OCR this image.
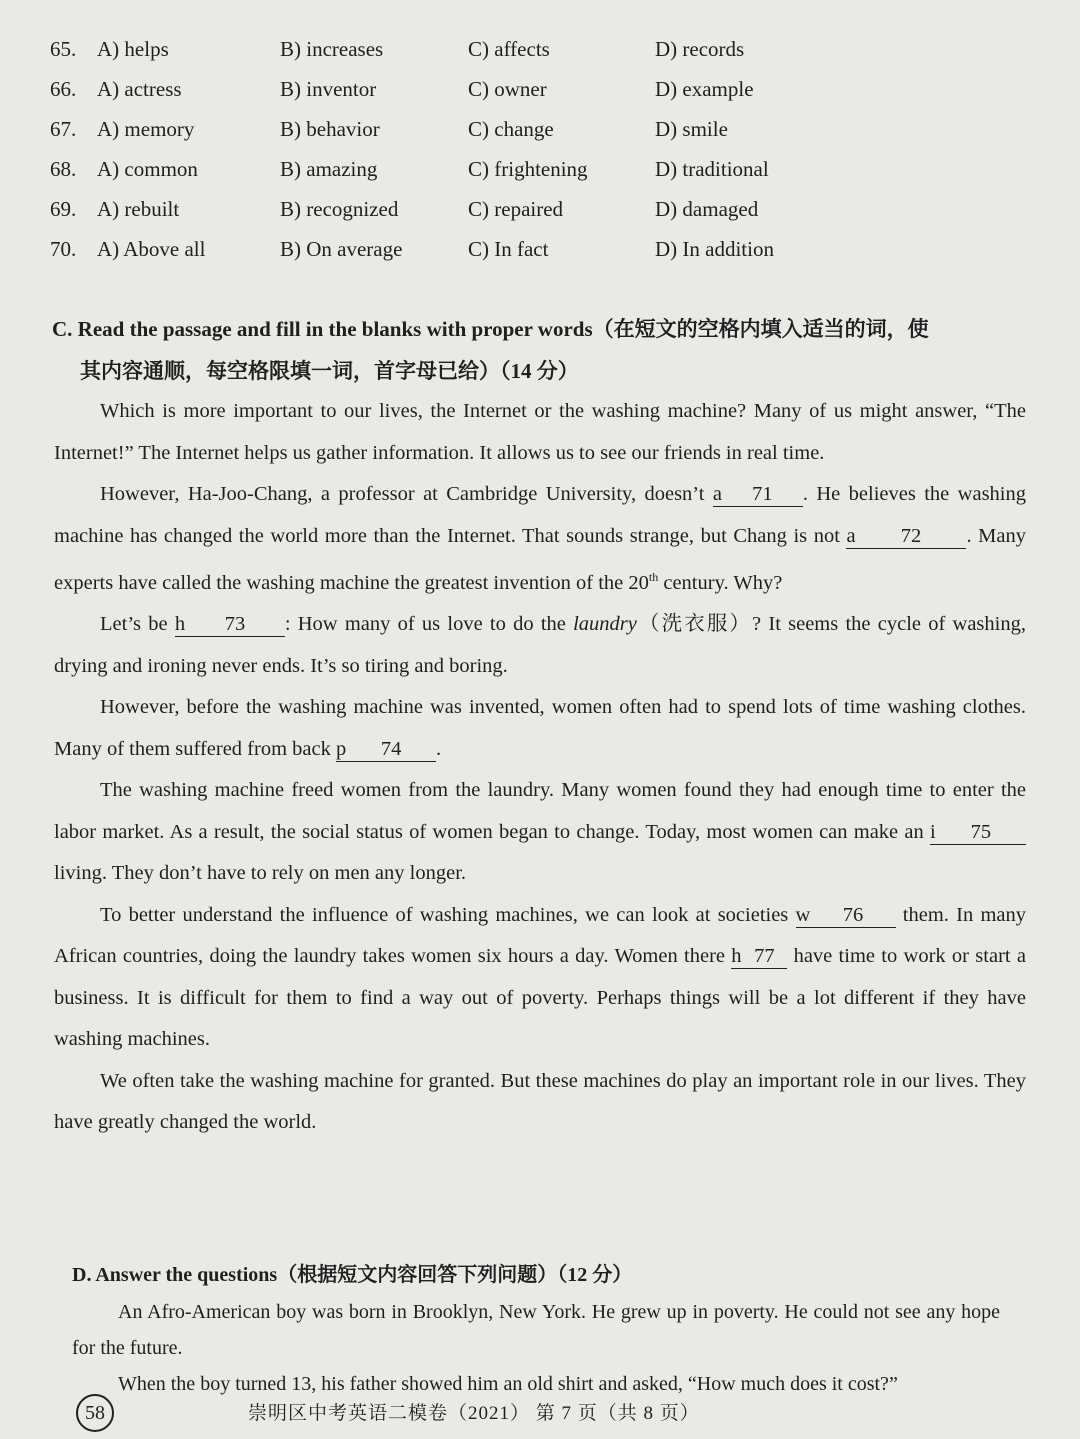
65. A) helps	B) increases	C) affects	D) records
66. A) actress	B) inventor	C) owner	D) example
67. A) memory	B) behavior	C) change	D) smile
68. A) common	B) amazing	C) frightening	D) traditional
69. A) rebuilt	B) recognized	C) repaired	D) damaged
70. A) Above all	B) On average	C) In fact	D) In addition
C. Read the passage and fill in the blanks with proper words（在短文的空格内填入适当的词，使
其内容通顺，每空格限填一词，首字母已给）（14 分）

Which is more important to our lives, the Internet or the washing machine? Many of us might answer, “The Internet!” The Internet helps us gather information. It allows us to see our friends in real time.

However, Ha-Joo-Chang, a professor at Cambridge University, doesn’t a 71 . He believes the washing machine has changed the world more than the Internet. That sounds strange, but Chang is not a 72 . Many experts have called the washing machine the greatest invention of the 20th century. Why?

Let’s be h 73 : How many of us love to do the laundry（洗衣服）? It seems the cycle of washing, drying and ironing never ends. It’s so tiring and boring.

However, before the washing machine was invented, women often had to spend lots of time washing clothes. Many of them suffered from back p 74 .

The washing machine freed women from the laundry. Many women found they had enough time to enter the labor market. As a result, the social status of women began to change. Today, most women can make an i 75 living. They don’t have to rely on men any longer.

To better understand the influence of washing machines, we can look at societies w 76 them. In many African countries, doing the laundry takes women six hours a day. Women there h 77 have time to work or start a business. It is difficult for them to find a way out of poverty. Perhaps things will be a lot different if they have washing machines.

We often take the washing machine for granted. But these machines do play an important role in our lives. They have greatly changed the world.

D. Answer the questions（根据短文内容回答下列问题）（12 分）

An Afro-American boy was born in Brooklyn, New York. He grew up in poverty. He could not see any hope for the future.

When the boy turned 13, his father showed him an old shirt and asked, “How much does it cost?”

58	崇明区中考英语二模卷（2021） 第 7 页（共 8 页）
